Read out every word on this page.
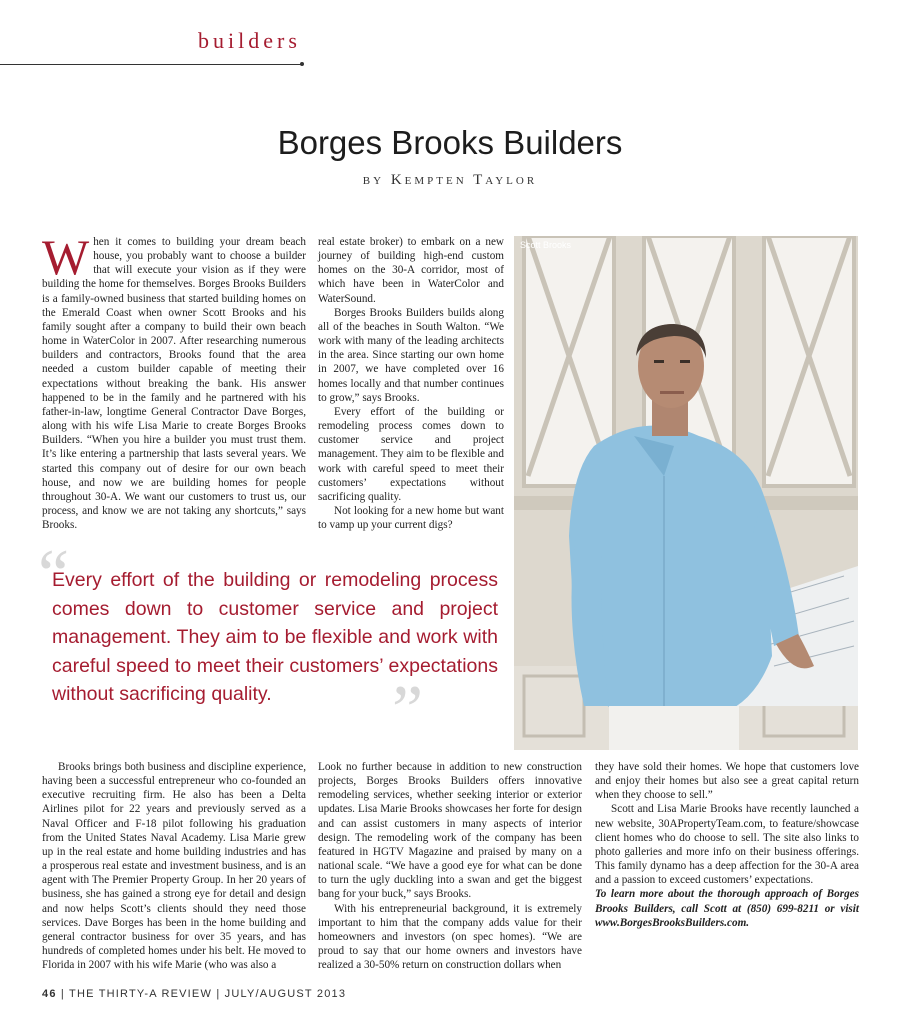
builders
Borges Brooks Builders
by Kempten Taylor

When it comes to building your dream beach house, you probably want to choose a builder that will execute your vision as if they were building the home for themselves. Borges Brooks Builders is a family-owned business that started building homes on the Emerald Coast when owner Scott Brooks and his family sought after a company to build their own beach home in WaterColor in 2007. After researching numerous builders and contractors, Brooks found that the area needed a custom builder capable of meeting their expectations without breaking the bank. His answer happened to be in the family and he partnered with his father-in-law, longtime General Contractor Dave Borges, along with his wife Lisa Marie to create Borges Brooks Builders. “When you hire a builder you must trust them. It’s like entering a partnership that lasts several years. We started this company out of desire for our own beach house, and now we are building homes for people throughout 30-A. We want our customers to trust us, our process, and know we are not taking any shortcuts,” says Brooks.

real estate broker) to embark on a new journey of building high-end custom homes on the 30-A corridor, most of which have been in WaterColor and WaterSound.

Borges Brooks Builders builds along all of the beaches in South Walton. “We work with many of the leading architects in the area. Since starting our own home in 2007, we have completed over 16 homes locally and that number continues to grow,” says Brooks.

Every effort of the building or remodeling process comes down to customer service and project management. They aim to be flexible and work with careful speed to meet their customers’ expectations without sacrificing quality.

Not looking for a new home but want to vamp up your current digs?

Scott Brooks
“
Every effort of the building or remodeling process comes down to customer service and project management. They aim to be flexible and work with careful speed to meet their customers’ expectations without sacrificing quality.	”

Brooks brings both business and discipline experience, having been a successful entrepreneur who co-founded an executive recruiting firm. He also has been a Delta Airlines pilot for 22 years and previously served as a Naval Officer and F-18 pilot following his graduation from the United States Naval Academy. Lisa Marie grew up in the real estate and home building industries and has a prosperous real estate and investment business, and is an agent with The Premier Property Group. In her 20 years of business, she has gained a strong eye for detail and design and now helps Scott’s clients should they need those services. Dave Borges has been in the home building and general contractor business for over 35 years, and has hundreds of completed homes under his belt. He moved to Florida in 2007 with his wife Marie (who was also a

Look no further because in addition to new construction projects, Borges Brooks Builders offers innovative remodeling services, whether seeking interior or exterior updates. Lisa Marie Brooks showcases her forte for design and can assist customers in many aspects of interior design. The remodeling work of the company has been featured in HGTV Magazine and praised by many on a national scale. “We have a good eye for what can be done to turn the ugly duckling into a swan and get the biggest bang for your buck,” says Brooks.

With his entrepreneurial background, it is extremely important to him that the company adds value for their homeowners and investors (on spec homes). “We are proud to say that our home owners and investors have realized a 30-50% return on construction dollars when

they have sold their homes. We hope that customers love and enjoy their homes but also see a great capital return when they choose to sell.”

Scott and Lisa Marie Brooks have recently launched a new website, 30APropertyTeam.com, to feature/showcase client homes who do choose to sell. The site also links to photo galleries and more info on their business offerings. This family dynamo has a deep affection for the 30-A area and a passion to exceed customers’ expectations.

To learn more about the thorough approach of Borges Brooks Builders, call Scott at (850) 699-8211 or visit www.BorgesBrooksBuilders.com.

46 | THE THIRTY-A REVIEW | JULY/AUGUST 2013
